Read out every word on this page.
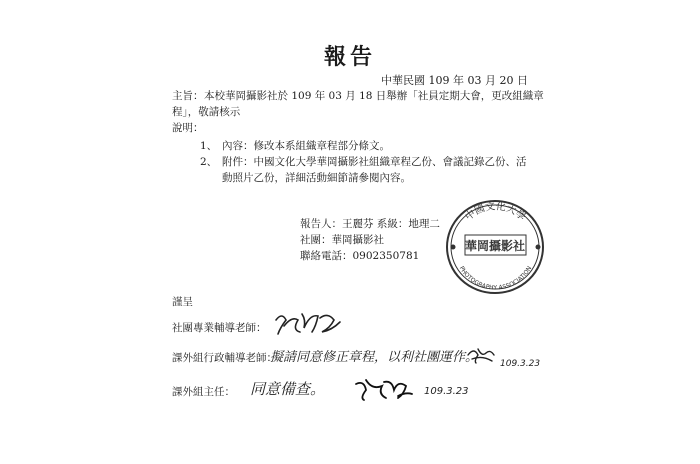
報告
中華民國 109 年 03 月 20 日
主旨： 本校華岡攝影社於 109 年 03 月 18 日舉辦「社員定期大會，更改組織章
程」，敬請核示
說明：
1、 內容：修改本系組織章程部分條文。
2、 附件：中國文化大學華岡攝影社組織章程乙份、會議記錄乙份、活
動照片乙份，詳細活動細節請參閱內容。
報告人：王麗芬 系級：地理二
社團：華岡攝影社
聯絡電話：0902350781
中國文化大學
華岡攝影社
PHOTOGRAPHY ASSOCIATION
謹呈
社團專業輔導老師：
課外組行政輔導老師：
擬請同意修正章程，以利社團運作。 109.3.23
課外組主任： 同意備查。	109.3.23
